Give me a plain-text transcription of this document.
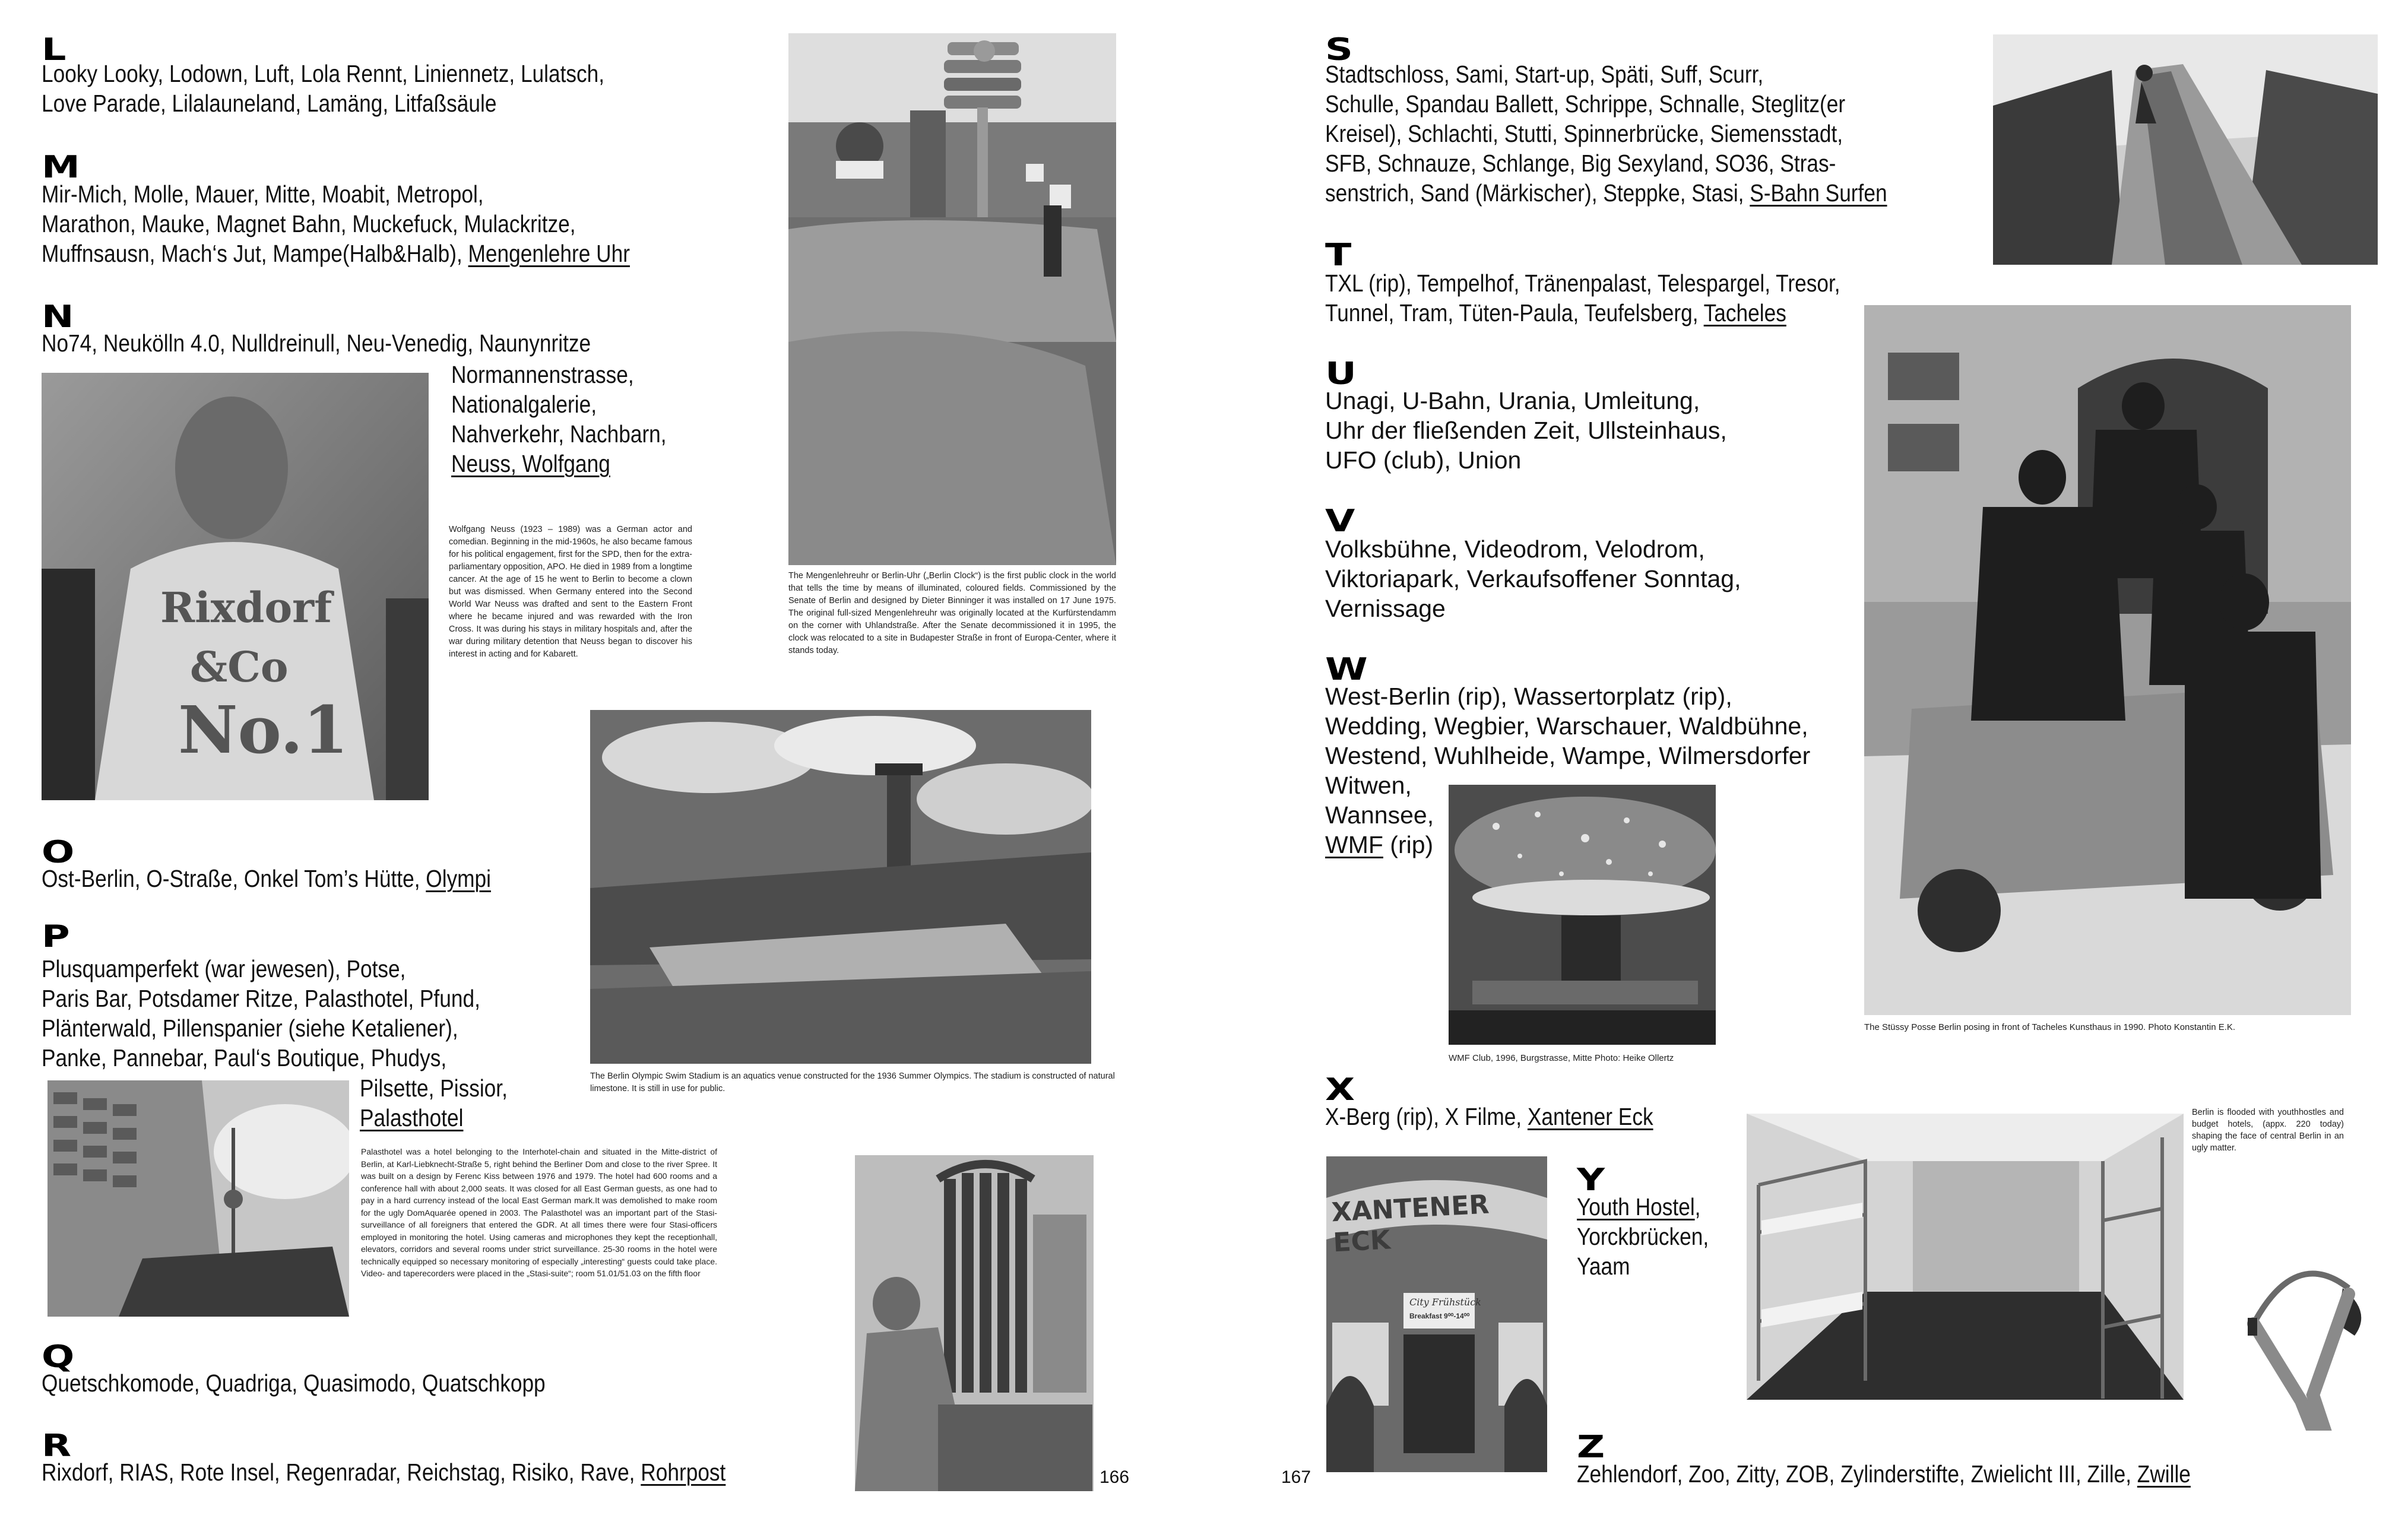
L
Looky Looky, Lodown, Luft, Lola Rennt, Liniennetz, Lulatsch,
Love Parade, Lilalauneland, Lamäng, Litfaßsäule
M
Mir-Mich, Molle, Mauer, Mitte, Moabit, Metropol,
Marathon, Mauke, Magnet Bahn, Muckefuck, Mulackritze,
Muffnsausn, Mach‘s Jut, Mampe(Halb&Halb), Mengenlehre Uhr
N
No74, Neukölln 4.0, Nulldreinull, Neu-Venedig, Naunynritze
Normannenstrasse,
Nationalgalerie,
Nahverkehr, Nachbarn,
Neuss, Wolfgang
Rixdorf
&Co
No.1
Wolfgang Neuss (1923 – 1989) was a German actor and comedian. Beginning in the mid-1960s, he also became famous for his political engagement, first for the SPD, then for the extra-parliamentary opposition, APO. He died in 1989 from a longtime cancer. At the age of 15 he went to Berlin to become a clown but was dismissed. When Germany entered into the Second World War Neuss was drafted and sent to the Eastern Front where he became injured and was rewarded with the Iron Cross. It was during his stays in military hospitals and, after the war during military detention that Neuss began to discover his interest in acting and for Kabarett.
The Mengenlehreuhr or Berlin-Uhr („Berlin Clock“) is the first public clock in the world that tells the time by means of illuminated, coloured fields. Commissioned by the Senate of Berlin and designed by Dieter Binninger it was installed on 17 June 1975. The original full-sized Mengenlehreuhr was originally located at the Kurfürstendamm on the corner with Uhlandstraße. After the Senate decommissioned it in 1995, the clock was relocated to a site in Budapester Straße in front of Europa-Center, where it stands today.
The Berlin Olympic Swim Stadium is an aquatics venue constructed for the 1936 Summer Olympics. The stadium is constructed of natural limestone. It is still in use for public.
O
Ost-Berlin, O-Straße, Onkel Tom’s Hütte, Olympi
P
Plusquamperfekt (war jewesen), Potse,
Paris Bar, Potsdamer Ritze, Palasthotel, Pfund,
Plänterwald, Pillenspanier (siehe Ketaliener),
Panke, Pannebar, Paul‘s Boutique, Phudys,
Pilsette, Pissior,
Palasthotel
Palasthotel was a hotel belonging to the Interhotel-chain and situated in the Mitte-district of Berlin, at Karl-Liebknecht-Straße 5, right behind the Berliner Dom and close to the river Spree. It was built on a design by Ferenc Kiss between 1976 and 1979. The hotel had 600 rooms and a conference hall with about 2,000 seats. It was closed for all East German guests, as one had to pay in a hard currency instead of the local East German mark.It was demolished to make room for the ugly DomAquarée opened in 2003. The Palasthotel was an important part of the Stasi-surveillance of all foreigners that entered the GDR. At all times there were four Stasi-officers employed in monitoring the hotel. Using cameras and microphones they kept the receptionhall, elevators, corridors and several rooms under strict surveillance. 25-30 rooms in the hotel were technically equipped so necessary monitoring of especially „interesting“ guests could take place. Video- and taperecorders were placed in the „Stasi-suite“; room 51.01/51.03 on the fifth floor
Q
Quetschkomode, Quadriga, Quasimodo, Quatschkopp
R
Rixdorf, RIAS, Rote Insel, Regenradar, Reichstag, Risiko, Rave, Rohrpost	166
S
Stadtschloss, Sami, Start-up, Späti, Suff, Scurr,
Schulle, Spandau Ballett, Schrippe, Schnalle, Steglitz(er
Kreisel), Schlachti, Stutti, Spinnerbrücke, Siemensstadt,
SFB, Schnauze, Schlange, Big Sexyland, SO36, Stras-
senstrich, Sand (Märkischer), Steppke, Stasi, S-Bahn Surfen
T
TXL (rip), Tempelhof, Tränenpalast, Telespargel, Tresor,
Tunnel, Tram, Tüten-Paula, Teufelsberg, Tacheles
The Stüssy Posse Berlin posing in front of Tacheles Kunsthaus in 1990. Photo Konstantin E.K.
U
Unagi, U-Bahn, Urania, Umleitung,
Uhr der fließenden Zeit, Ullsteinhaus,
UFO (club), Union
V
Volksbühne, Videodrom, Velodrom,
Viktoriapark, Verkaufsoffener Sonntag,
Vernissage
W
West-Berlin (rip), Wassertorplatz (rip),
Wedding, Wegbier, Warschauer, Waldbühne,
Westend, Wuhlheide, Wampe, Wilmersdorfer
Witwen,
Wannsee,
WMF (rip)
WMF Club, 1996, Burgstrasse, Mitte Photo: Heike Ollertz
X
X-Berg (rip), X Filme, Xantener Eck
XANTENER ECK
City Frühstück
Breakfast 9⁰⁰-14⁰⁰
Y
Youth Hostel,
Yorckbrücken,
Yaam
Berlin is flooded with youthhostles and budget hotels, (appx. 220 today) shaping the face of central Berlin in an ugly matter.
Z
Zehlendorf, Zoo, Zitty, ZOB, Zylinderstifte, Zwielicht III, Zille, Zwille
167
